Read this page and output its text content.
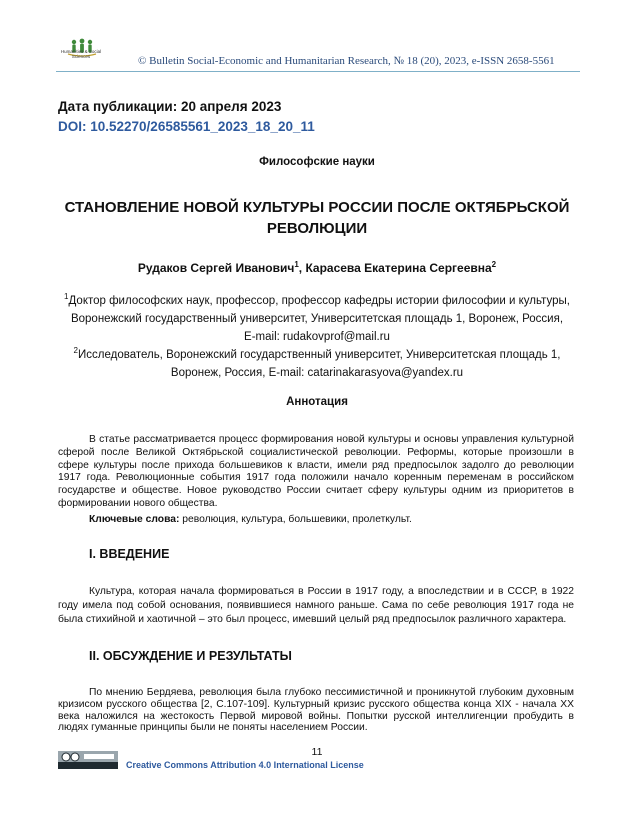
Humanities & Social Sciences	© Bulletin Social-Economic and Humanitarian Research, № 18 (20), 2023, e-ISSN 2658-5561
Дата публикации: 20 апреля 2023
DOI: 10.52270/26585561_2023_18_20_11
Философские науки
СТАНОВЛЕНИЕ НОВОЙ КУЛЬТУРЫ РОССИИ ПОСЛЕ ОКТЯБРЬСКОЙ РЕВОЛЮЦИИ
Рудаков Сергей Иванович$^1$, Карасева Екатерина Сергеевна$^2$
$^1$Доктор философских наук, профессор, профессор кафедры истории философии и культуры,
Воронежский государственный университет, Университетская площадь 1, Воронеж, Россия,
E-mail: rudakovprof@mail.ru
$^2$Исследователь, Воронежский государственный университет, Университетская площадь 1,
Воронеж, Россия, E-mail: catarinakarasyova@yandex.ru
Аннотация
В статье рассматривается процесс формирования новой культуры и основы управления культурной сферой после Великой Октябрьской социалистической революции. Реформы, которые произошли в сфере культуры после прихода большевиков к власти, имели ряд предпосылок задолго до революции 1917 года. Революционные события 1917 года положили начало коренным переменам в российском государстве и обществе. Новое руководство России считает сферу культуры одним из приоритетов в формировании нового общества.
Ключевые слова: революция, культура, большевики, пролеткульт.
I. ВВЕДЕНИЕ
Культура, которая начала формироваться в России в 1917 году, а впоследствии и в СССР, в 1922 году имела под собой основания, появившиеся намного раньше. Сама по себе революция 1917 года не была стихийной и хаотичной – это был процесс, имевший целый ряд предпосылок различного характера.
II. ОБСУЖДЕНИЕ И РЕЗУЛЬТАТЫ
По мнению Бердяева, революция была глубоко пессимистичной и проникнутой глубоким духовным кризисом русского общества [2, С.107-109]. Культурный кризис русского общества конца XIX - начала XX века наложился на жестокость Первой мировой войны. Попытки русской интеллигенции пробудить в людях гуманные принципы были не поняты населением России.
11
Creative Commons Attribution 4.0 International License
